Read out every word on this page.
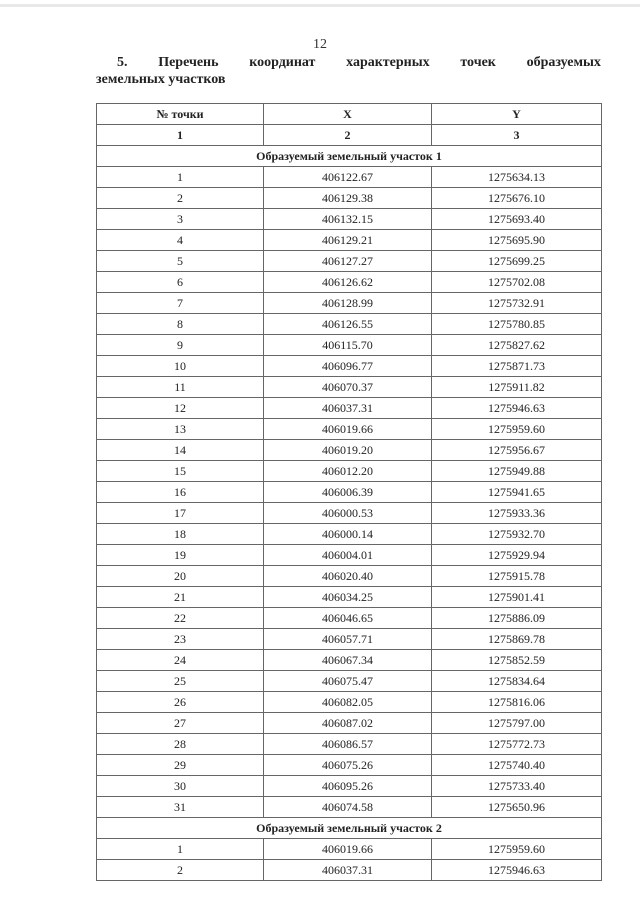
12
5. Перечень координат характерных точек образуемых
земельных участков
№ точки	X	Y
1	2	3
Образуемый земельный участок 1		
1	406122.67	1275634.13
2	406129.38	1275676.10
3	406132.15	1275693.40
4	406129.21	1275695.90
5	406127.27	1275699.25
6	406126.62	1275702.08
7	406128.99	1275732.91
8	406126.55	1275780.85
9	406115.70	1275827.62
10	406096.77	1275871.73
11	406070.37	1275911.82
12	406037.31	1275946.63
13	406019.66	1275959.60
14	406019.20	1275956.67
15	406012.20	1275949.88
16	406006.39	1275941.65
17	406000.53	1275933.36
18	406000.14	1275932.70
19	406004.01	1275929.94
20	406020.40	1275915.78
21	406034.25	1275901.41
22	406046.65	1275886.09
23	406057.71	1275869.78
24	406067.34	1275852.59
25	406075.47	1275834.64
26	406082.05	1275816.06
27	406087.02	1275797.00
28	406086.57	1275772.73
29	406075.26	1275740.40
30	406095.26	1275733.40
31	406074.58	1275650.96
Образуемый земельный участок 2		
1	406019.66	1275959.60
2	406037.31	1275946.63
